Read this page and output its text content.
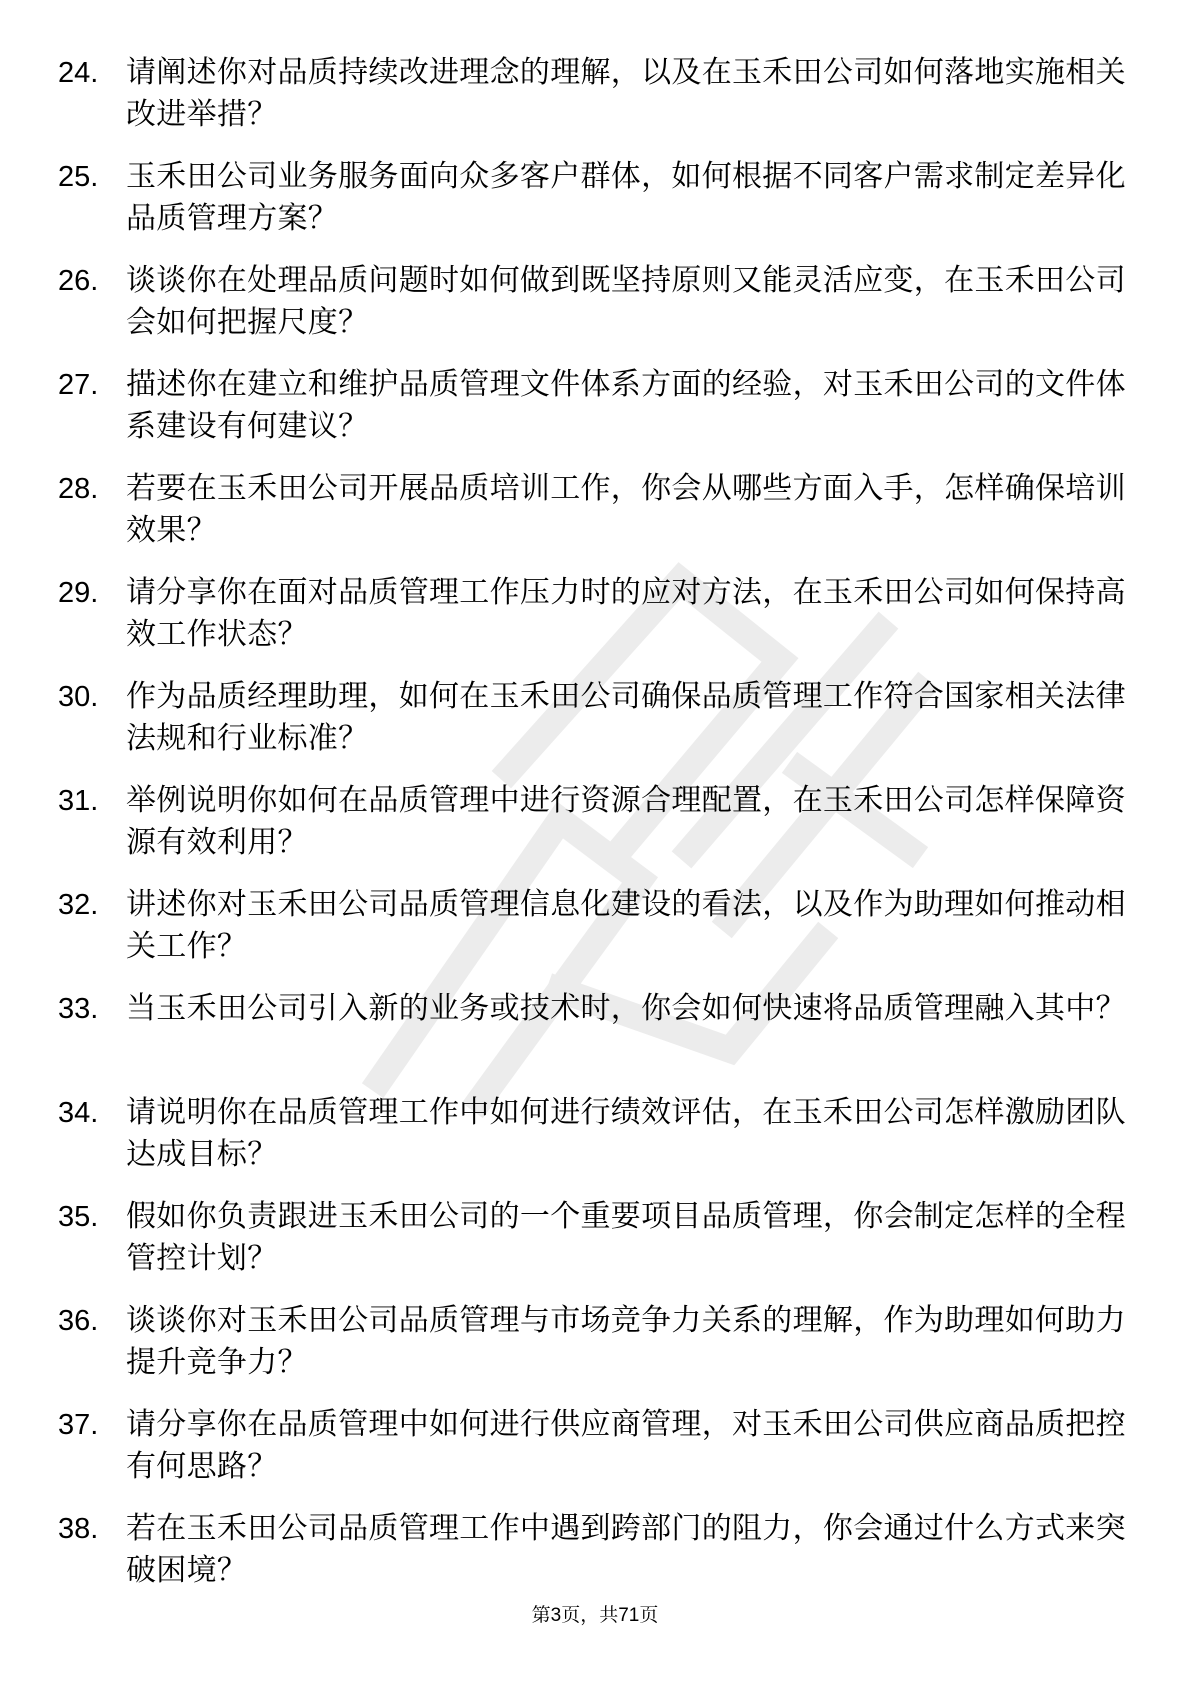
24. 请阐述你对品质持续改进理念的理解，以及在玉禾田公司如何落地实施相关改进举措？
25. 玉禾田公司业务服务面向众多客户群体，如何根据不同客户需求制定差异化品质管理方案？
26. 谈谈你在处理品质问题时如何做到既坚持原则又能灵活应变，在玉禾田公司会如何把握尺度？
27. 描述你在建立和维护品质管理文件体系方面的经验，对玉禾田公司的文件体系建设有何建议？
28. 若要在玉禾田公司开展品质培训工作，你会从哪些方面入手，怎样确保培训效果？
29. 请分享你在面对品质管理工作压力时的应对方法，在玉禾田公司如何保持高效工作状态？
30. 作为品质经理助理，如何在玉禾田公司确保品质管理工作符合国家相关法律法规和行业标准？
31. 举例说明你如何在品质管理中进行资源合理配置，在玉禾田公司怎样保障资源有效利用？
32. 讲述你对玉禾田公司品质管理信息化建设的看法，以及作为助理如何推动相关工作？
33. 当玉禾田公司引入新的业务或技术时，你会如何快速将品质管理融入其中？
34. 请说明你在品质管理工作中如何进行绩效评估，在玉禾田公司怎样激励团队达成目标？
35. 假如你负责跟进玉禾田公司的一个重要项目品质管理，你会制定怎样的全程管控计划？
36. 谈谈你对玉禾田公司品质管理与市场竞争力关系的理解，作为助理如何助力提升竞争力？
37. 请分享你在品质管理中如何进行供应商管理，对玉禾田公司供应商品质把控有何思路？
38. 若在玉禾田公司品质管理工作中遇到跨部门的阻力，你会通过什么方式来突破困境？
第3页，共71页
